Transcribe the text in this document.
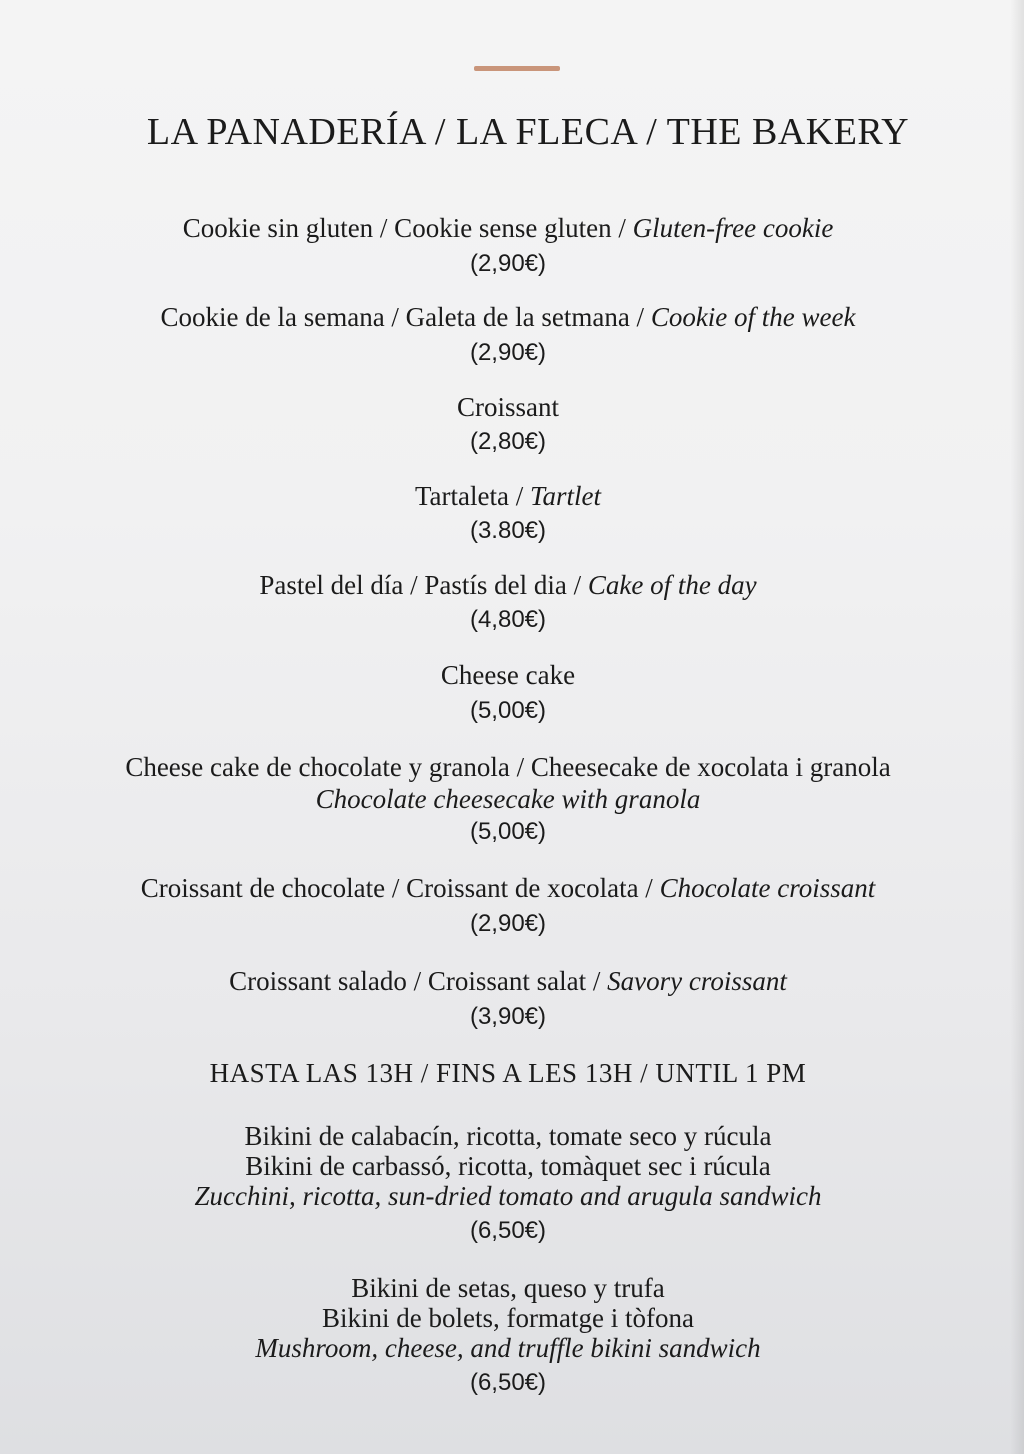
LA PANADERÍA / LA FLECA / THE BAKERY
Cookie sin gluten / Cookie sense gluten / Gluten-free cookie
(2,90€)
Cookie de la semana / Galeta de la setmana / Cookie of the week
(2,90€)
Croissant
(2,80€)
Tartaleta / Tartlet
(3.80€)
Pastel del día / Pastís del dia / Cake of the day
(4,80€)
Cheese cake
(5,00€)
Cheese cake de chocolate y granola / Cheesecake de xocolata i granola
Chocolate cheesecake with granola
(5,00€)
Croissant de chocolate / Croissant de xocolata / Chocolate croissant
(2,90€)
Croissant salado / Croissant salat / Savory croissant
(3,90€)
HASTA LAS 13H / FINS A LES 13H / UNTIL 1 PM
Bikini de calabacín, ricotta, tomate seco y rúcula
Bikini de carbassó, ricotta, tomàquet sec i rúcula
Zucchini, ricotta, sun-dried tomato and arugula sandwich
(6,50€)
Bikini de setas, queso y trufa
Bikini de bolets, formatge i tòfona
Mushroom, cheese, and truffle bikini sandwich
(6,50€)
